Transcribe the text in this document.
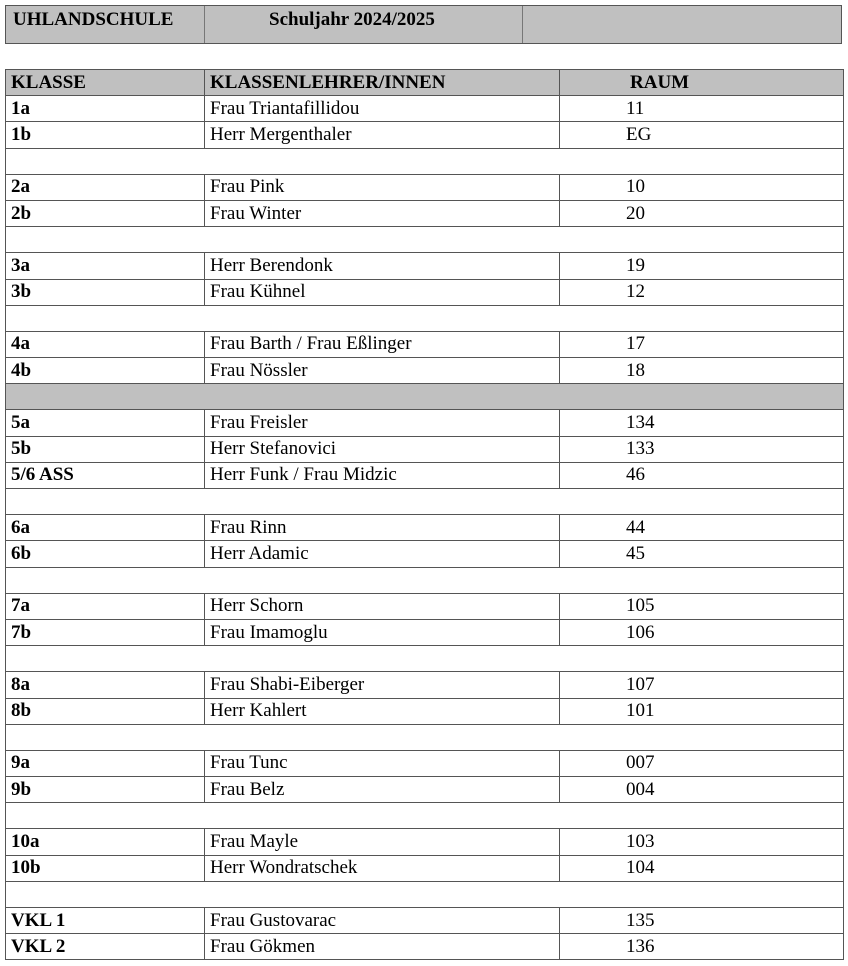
UHLANDSCHULE	Schuljahr 2024/2025
KLASSE	KLASSENLEHRER/INNEN	RAUM
1a	Frau Triantafillidou	11
1b	Herr Mergenthaler	EG

2a	Frau Pink	10
2b	Frau Winter	20

3a	Herr Berendonk	19
3b	Frau Kühnel	12

4a	Frau Barth / Frau Eßlinger	17
4b	Frau Nössler	18

5a	Frau Freisler	134
5b	Herr Stefanovici	133
5/6 ASS	Herr Funk / Frau Midzic	46

6a	Frau Rinn	44
6b	Herr Adamic	45

7a	Herr Schorn	105
7b	Frau Imamoglu	106

8a	Frau Shabi-Eiberger	107
8b	Herr Kahlert	101

9a	Frau Tunc	007
9b	Frau Belz	004

10a	Frau Mayle	103
10b	Herr Wondratschek	104

VKL 1	Frau Gustovarac	135
VKL 2	Frau Gökmen	136
